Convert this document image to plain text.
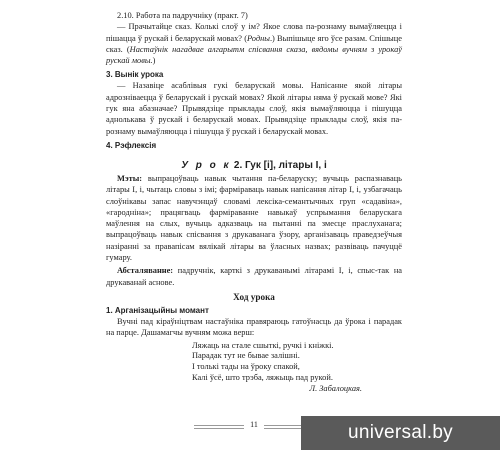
2.10. Работа па падручніку (практ. 7)

— Прачытайце сказ. Колькі слоў у ім? Якое слова па-рознаму вымаўляецца і пішацца ў рускай і беларускай мовах? (Родны.) Выпішыце яго ўсе разам. Спішыце сказ. (Настаўнік нагадвае алгарытм спісвання сказа, вядомы вучням з урокаў рускай мовы.)

3. Вынік урока

— Назавіце асаблівыя гукі беларускай мовы. Напісанне якой літары адрозніваецца ў беларускай і рускай мовах? Якой літары няма ў рускай мове? Які гук яна абазначае? Прывядзіце прыклады слоў, якія вымаўляюцца і пішуцца аднолькава ў рускай і беларускай мовах. Прывядзіце прыклады слоў, якія па-рознаму вымаўляюцца і пішуцца ў рускай і беларускай мовах.

4. Рэфлексія
У р о к 2. Гук [і], літары І, і

Мэты: выпрацоўваць навык чытання па-беларуску; вучыць распазнаваць літары І, і, чытаць словы з імі; фарміраваць навык напісання літар І, і, узбагачаць слоўнікавы запас навучэнцаў словамі лексіка-семантычных груп «садавіна», «гароднiна»; працягваць фарміраванне навыкаў успрымання беларускага маўлення на слых, вучыць адказваць на пытанні па змесце праслуханага; выпрацоўваць навык спісвання з друкаванага ўзору, арганізаваць праведзеўчыя назіранні за правапісам вялікай літары ва ўласных назвах; развіваць пачуццё гумару.

Абсталяванне: падручнік, карткі з друкаванымі літарамі І, і, спыс-так на друкаванай аснове.

Ход урока
1. Арганізацыйны момант

Вучні пад кіраўніцтвам настаўніка правяраюць гатоўнасць да ўрока і парадак на парце. Дашамагчы вучням можа верш:

Ляжаць на стале сшыткі, ручкі і кніжкі.
Парадак тут не бывае залішні.
І толькі тады на ўроку спакой,
Калі ўсё, што трэба, ляжыць пад рукой.
Л. Забалоцкая.
11	universal.by
